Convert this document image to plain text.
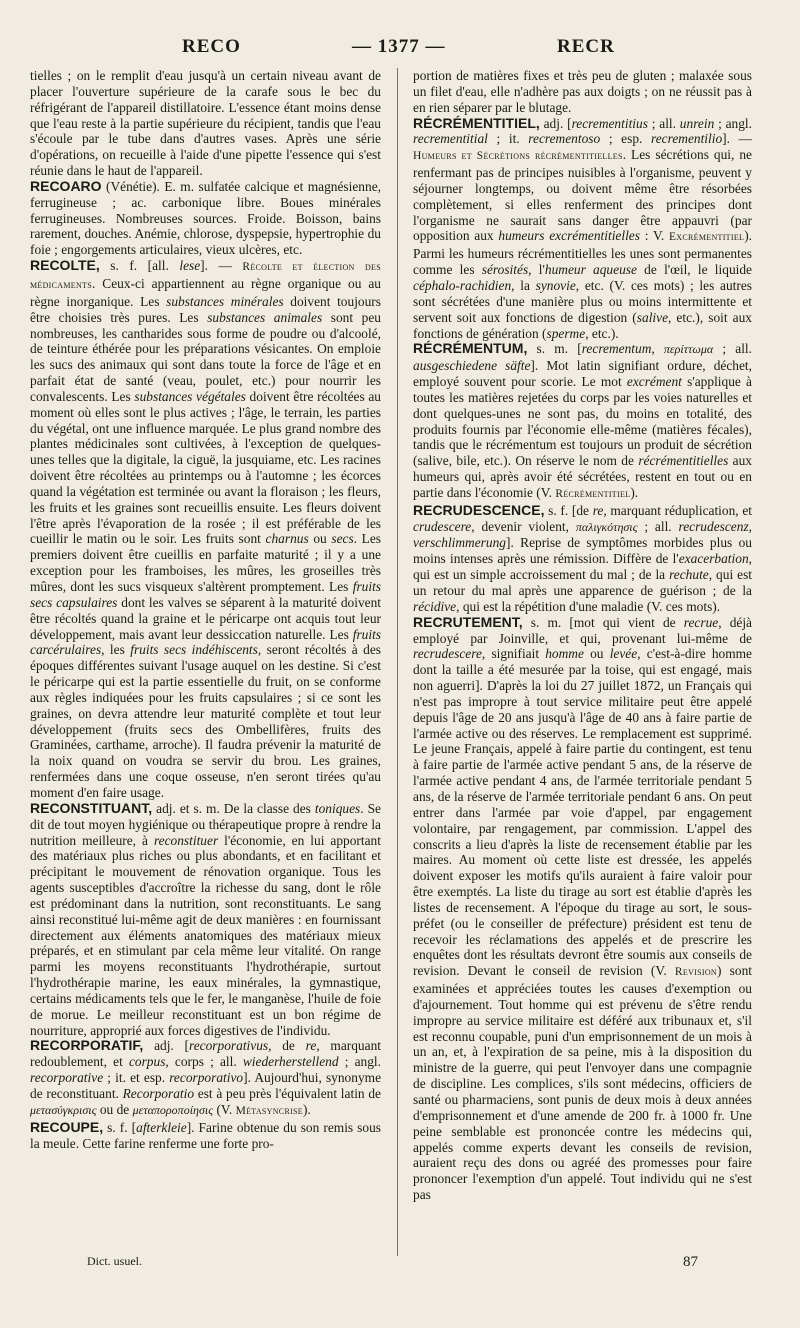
RECO	— 1377 —	RECR

tielles ; on le remplit d'eau jusqu'à un certain niveau avant de placer l'ouverture supérieure de la carafe sous le bec du réfrigérant de l'appareil distillatoire. L'essence étant moins dense que l'eau reste à la partie supérieure du récipient, tandis que l'eau s'écoule par le tube dans d'autres vases. Après une série d'opérations, on recueille à l'aide d'une pipette l'essence qui s'est réunie dans le haut de l'appareil.

RECOARO (Vénétie). E. m. sulfatée calcique et magnésienne, ferrugineuse ; ac. carbonique libre. Boues minérales ferrugineuses. Nombreuses sources. Froide. Boisson, bains rarement, douches. Anémie, chlorose, dyspepsie, hypertrophie du foie ; engorgements articulaires, vieux ulcères, etc.

RECOLTE, s. f. [all. lese]. — Récolte et élection des médicaments. Ceux-ci appartiennent au règne organique ou au règne inorganique. Les substances minérales doivent toujours être choisies très pures. Les substances animales sont peu nombreuses, les cantharides sous forme de poudre ou d'alcoolé, de teinture éthérée pour les préparations vésicantes. On emploie les sucs des animaux qui sont dans toute la force de l'âge et en parfait état de santé (veau, poulet, etc.) pour nourrir les convalescents. Les substances végétales doivent être récoltées au moment où elles sont le plus actives ; l'âge, le terrain, les parties du végétal, ont une influence marquée. Le plus grand nombre des plantes médicinales sont cultivées, à l'exception de quelques-unes telles que la digitale, la ciguë, la jusquiame, etc. Les racines doivent être récoltées au printemps ou à l'automne ; les écorces quand la végétation est terminée ou avant la floraison ; les fleurs, les fruits et les graines sont recueillis ensuite. Les fleurs doivent l'être après l'évaporation de la rosée ; il est préférable de les cueillir le matin ou le soir. Les fruits sont charnus ou secs. Les premiers doivent être cueillis en parfaite maturité ; il y a une exception pour les framboises, les mûres, les groseilles très mûres, dont les sucs visqueux s'altèrent promptement. Les fruits secs capsulaires dont les valves se séparent à la maturité doivent être récoltés quand la graine et le péricarpe ont acquis tout leur développement, mais avant leur dessiccation naturelle. Les fruits carcérulaires, les fruits secs indéhiscents, seront récoltés à des époques différentes suivant l'usage auquel on les destine. Si c'est le péricarpe qui est la partie essentielle du fruit, on se conforme aux règles indiquées pour les fruits capsulaires ; si ce sont les graines, on devra attendre leur maturité complète et tout leur développement (fruits secs des Ombellifères, fruits des Graminées, carthame, arroche). Il faudra prévenir la maturité de la noix quand on voudra se servir du brou. Les graines, renfermées dans une coque osseuse, n'en seront tirées qu'au moment d'en faire usage.

RECONSTITUANT, adj. et s. m. De la classe des toniques. Se dit de tout moyen hygiénique ou thérapeutique propre à rendre la nutrition meilleure, à reconstituer l'économie, en lui apportant des matériaux plus riches ou plus abondants, et en facilitant et précipitant le mouvement de rénovation organique. Tous les agents susceptibles d'accroître la richesse du sang, dont le rôle est prédominant dans la nutrition, sont reconstituants. Le sang ainsi reconstitué lui-même agit de deux manières : en fournissant directement aux éléments anatomiques des matériaux mieux préparés, et en stimulant par cela même leur vitalité. On range parmi les moyens reconstituants l'hydrothérapie, surtout l'hydrothérapie marine, les eaux minérales, la gymnastique, certains médicaments tels que le fer, le manganèse, l'huile de foie de morue. Le meilleur reconstituant est un bon régime de nourriture, approprié aux forces digestives de l'individu.

RECORPORATIF, adj. [recorporativus, de re, marquant redoublement, et corpus, corps ; all. wiederherstellend ; angl. recorporative ; it. et esp. recorporativo]. Aujourd'hui, synonyme de reconstituant. Recorporatio est à peu près l'équivalent latin de μετασύγκρισις ou de μεταποροποίησις (V. Métasyncrise).

RECOUPE, s. f. [afterkleie]. Farine obtenue du son remis sous la meule. Cette farine renferme une forte pro-

portion de matières fixes et très peu de gluten ; malaxée sous un filet d'eau, elle n'adhère pas aux doigts ; on ne réussit pas à en rien séparer par le blutage.

RÉCRÉMENTITIEL, adj. [recrementitius ; all. unrein ; angl. recrementitial ; it. recrementoso ; esp. recrementilio]. — Humeurs et Sécrétions récrémentitielles. Les sécrétions qui, ne renfermant pas de principes nuisibles à l'organisme, peuvent y séjourner longtemps, ou doivent même être résorbées complètement, si elles renferment des principes dont l'organisme ne saurait sans danger être appauvri (par opposition aux humeurs excrémentitielles : V. Excrémentitiel). Parmi les humeurs récrémentitielles les unes sont permanentes comme les sérosités, l'humeur aqueuse de l'œil, le liquide céphalo-rachidien, la synovie, etc. (V. ces mots) ; les autres sont sécrétées d'une manière plus ou moins intermittente et servent soit aux fonctions de digestion (salive, etc.), soit aux fonctions de génération (sperme, etc.).

RÉCRÉMENTUM, s. m. [recrementum, περίττωμα ; all. ausgeschiedene säfte]. Mot latin signifiant ordure, déchet, employé souvent pour scorie. Le mot excrément s'applique à toutes les matières rejetées du corps par les voies naturelles et dont quelques-unes ne sont pas, du moins en totalité, des produits fournis par l'économie elle-même (matières fécales), tandis que le récrémentum est toujours un produit de sécrétion (salive, bile, etc.). On réserve le nom de récrémentitielles aux humeurs qui, après avoir été sécrétées, restent en tout ou en partie dans l'économie (V. Récrémentitiel).

RECRUDESCENCE, s. f. [de re, marquant réduplication, et crudescere, devenir violent, παλιγκότησις ; all. recrudescenz, verschlimmerung]. Reprise de symptômes morbides plus ou moins intenses après une rémission. Diffère de l'exacerbation, qui est un simple accroissement du mal ; de la rechute, qui est un retour du mal après une apparence de guérison ; de la récidive, qui est la répétition d'une maladie (V. ces mots).

RECRUTEMENT, s. m. [mot qui vient de recrue, déjà employé par Joinville, et qui, provenant lui-même de recrudescere, signifiait homme ou levée, c'est-à-dire homme dont la taille a été mesurée par la toise, qui est engagé, mais non aguerri]. D'après la loi du 27 juillet 1872, un Français qui n'est pas impropre à tout service militaire peut être appelé depuis l'âge de 20 ans jusqu'à l'âge de 40 ans à faire partie de l'armée active ou des réserves. Le remplacement est supprimé. Le jeune Français, appelé à faire partie du contingent, est tenu à faire partie de l'armée active pendant 5 ans, de la réserve de l'armée active pendant 4 ans, de l'armée territoriale pendant 5 ans, de la réserve de l'armée territoriale pendant 6 ans. On peut entrer dans l'armée par voie d'appel, par engagement volontaire, par rengagement, par commission. L'appel des conscrits a lieu d'après la liste de recensement établie par les maires. Au moment où cette liste est dressée, les appelés doivent exposer les motifs qu'ils auraient à faire valoir pour être exemptés. La liste du tirage au sort est établie d'après les listes de recensement. A l'époque du tirage au sort, le sous-préfet (ou le conseiller de préfecture) président est tenu de recevoir les réclamations des appelés et de prescrire les enquêtes dont les résultats devront être soumis aux conseils de revision. Devant le conseil de revision (V. Revision) sont examinées et appréciées toutes les causes d'exemption ou d'ajournement. Tout homme qui est prévenu de s'être rendu impropre au service militaire est déféré aux tribunaux et, s'il est reconnu coupable, puni d'un emprisonnement de un mois à un an, et, à l'expiration de sa peine, mis à la disposition du ministre de la guerre, qui peut l'envoyer dans une compagnie de discipline. Les complices, s'ils sont médecins, officiers de santé ou pharmaciens, sont punis de deux mois à deux années d'emprisonnement et d'une amende de 200 fr. à 1000 fr. Une peine semblable est prononcée contre les médecins qui, appelés comme experts devant les conseils de revision, auraient reçu des dons ou agréé des promesses pour faire prononcer l'exemption d'un appelé. Tout individu qui ne s'est pas

Dict. usuel.	87
